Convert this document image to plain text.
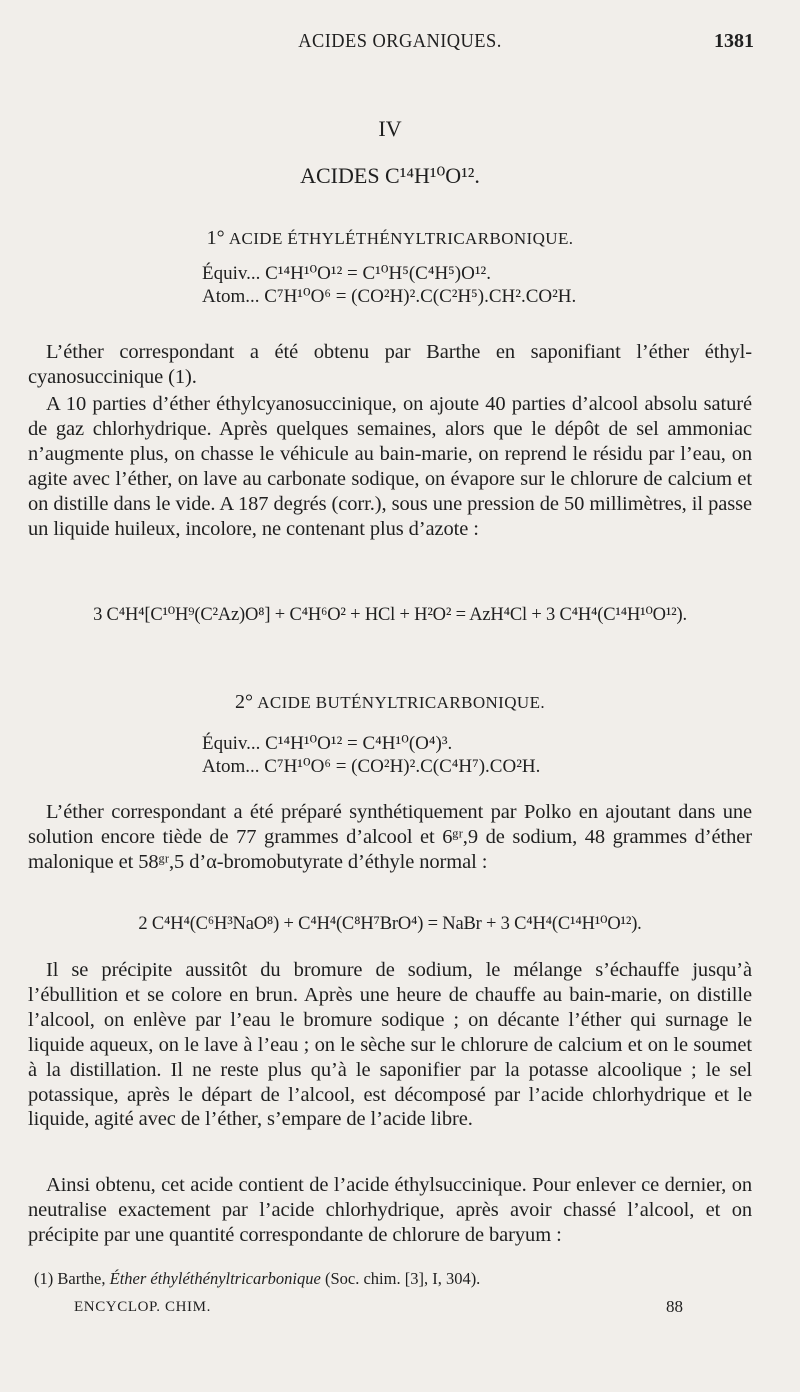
ACIDES ORGANIQUES.	1381
IV
ACIDES C¹⁴H¹⁰O¹².
1° ACIDE ÉTHYLÉTHÉNYLTRICARBONIQUE.
Équiv... C¹⁴H¹⁰O¹² = C¹⁰H⁵(C⁴H⁵)O¹².
Atom... C⁷H¹⁰O⁶ = (CO²H)².C(C²H⁵).CH².CO²H.
L’éther correspondant a été obtenu par Barthe en saponifiant l’éther éthyl-cyanosuccinique (1).
A 10 parties d’éther éthylcyanosuccinique, on ajoute 40 parties d’alcool absolu saturé de gaz chlorhydrique. Après quelques semaines, alors que le dépôt de sel ammoniac n’augmente plus, on chasse le véhicule au bain-marie, on reprend le résidu par l’eau, on agite avec l’éther, on lave au carbonate sodique, on évapore sur le chlorure de calcium et on distille dans le vide. A 187 degrés (corr.), sous une pression de 50 millimètres, il passe un liquide huileux, incolore, ne contenant plus d’azote :
3 C⁴H⁴[C¹⁰H⁹(C²Az)O⁸] + C⁴H⁶O² + HCl + H²O² = AzH⁴Cl + 3 C⁴H⁴(C¹⁴H¹⁰O¹²).
2° ACIDE BUTÉNYLTRICARBONIQUE.
Équiv... C¹⁴H¹⁰O¹² = C⁴H¹⁰(O⁴)³.
Atom... C⁷H¹⁰O⁶ = (CO²H)².C(C⁴H⁷).CO²H.
L’éther correspondant a été préparé synthétiquement par Polko en ajoutant dans une solution encore tiède de 77 grammes d’alcool et 6ᵍʳ,9 de sodium, 48 grammes d’éther malonique et 58ᵍʳ,5 d’α-bromobutyrate d’éthyle normal :
2 C⁴H⁴(C⁶H³NaO⁸) + C⁴H⁴(C⁸H⁷BrO⁴) = NaBr + 3 C⁴H⁴(C¹⁴H¹⁰O¹²).
Il se précipite aussitôt du bromure de sodium, le mélange s’échauffe jusqu’à l’ébullition et se colore en brun. Après une heure de chauffe au bain-marie, on distille l’alcool, on enlève par l’eau le bromure sodique ; on décante l’éther qui surnage le liquide aqueux, on le lave à l’eau ; on le sèche sur le chlorure de calcium et on le soumet à la distillation. Il ne reste plus qu’à le saponifier par la potasse alcoolique ; le sel potassique, après le départ de l’alcool, est décomposé par l’acide chlorhydrique et le liquide, agité avec de l’éther, s’empare de l’acide libre.
Ainsi obtenu, cet acide contient de l’acide éthylsuccinique. Pour enlever ce dernier, on neutralise exactement par l’acide chlorhydrique, après avoir chassé l’alcool, et on précipite par une quantité correspondante de chlorure de baryum :
(1) Barthe, Éther éthyléthényltricarbonique (Soc. chim. [3], I, 304).
ENCYCLOP. CHIM.	88
